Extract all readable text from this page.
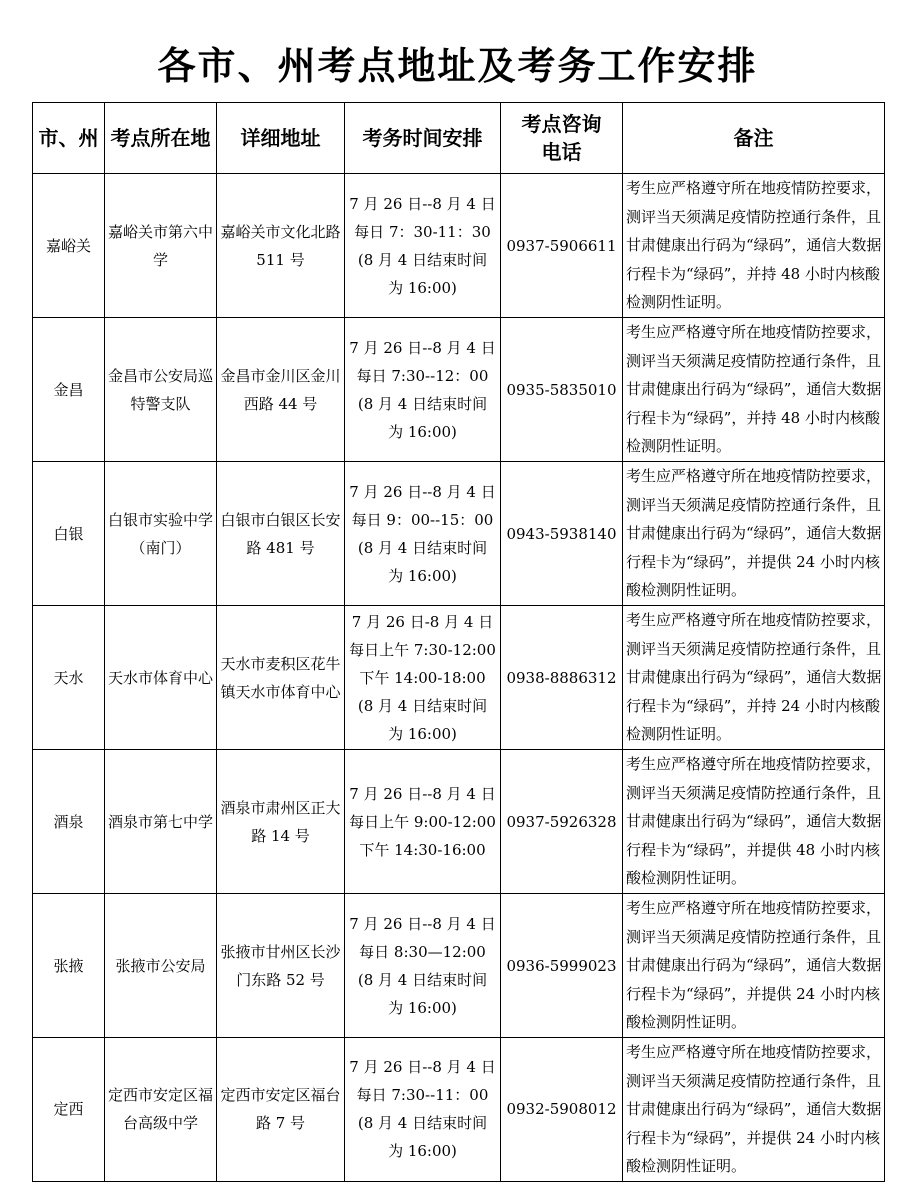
各市、州考点地址及考务工作安排
市、州	考点所在地	详细地址	考务时间安排	考点咨询电话	备注
嘉峪关	嘉峪关市第六中学	嘉峪关市文化北路 511 号	7 月 26 日--8 月 4 日
每日 7：30-11：30
(8 月 4 日结束时间
为 16:00)	0937-5906611	考生应严格遵守所在地疫情防控要求，测评当天须满足疫情防控通行条件，且甘肃健康出行码为“绿码”，通信大数据行程卡为“绿码”，并持 48 小时内核酸检测阴性证明。
金昌	金昌市公安局巡特警支队	金昌市金川区金川西路 44 号	7 月 26 日--8 月 4 日
每日 7:30--12：00
(8 月 4 日结束时间
为 16:00)	0935-5835010	考生应严格遵守所在地疫情防控要求，测评当天须满足疫情防控通行条件，且甘肃健康出行码为“绿码”，通信大数据行程卡为“绿码”，并持 48 小时内核酸检测阴性证明。
白银	白银市实验中学（南门）	白银市白银区长安路 481 号	7 月 26 日--8 月 4 日
每日 9：00--15：00
(8 月 4 日结束时间
为 16:00)	0943-5938140	考生应严格遵守所在地疫情防控要求，测评当天须满足疫情防控通行条件，且甘肃健康出行码为“绿码”，通信大数据行程卡为“绿码”，并提供 24 小时内核酸检测阴性证明。
天水	天水市体育中心	天水市麦积区花牛镇天水市体育中心	7 月 26 日-8 月 4 日
每日上午 7:30-12:00
下午 14:00-18:00
(8 月 4 日结束时间
为 16:00)	0938-8886312	考生应严格遵守所在地疫情防控要求，测评当天须满足疫情防控通行条件，且甘肃健康出行码为“绿码”，通信大数据行程卡为“绿码”，并持 24 小时内核酸检测阴性证明。
酒泉	酒泉市第七中学	酒泉市肃州区正大路 14 号	7 月 26 日--8 月 4 日
每日上午 9:00-12:00
下午 14:30-16:00	0937-5926328	考生应严格遵守所在地疫情防控要求，测评当天须满足疫情防控通行条件，且甘肃健康出行码为“绿码”，通信大数据行程卡为“绿码”，并提供 48 小时内核酸检测阴性证明。
张掖	张掖市公安局	张掖市甘州区长沙门东路 52 号	7 月 26 日--8 月 4 日
每日 8:30—12:00
(8 月 4 日结束时间
为 16:00)	0936-5999023	考生应严格遵守所在地疫情防控要求，测评当天须满足疫情防控通行条件，且甘肃健康出行码为“绿码”，通信大数据行程卡为“绿码”，并提供 24 小时内核酸检测阴性证明。
定西	定西市安定区福台高级中学	定西市安定区福台路 7 号	7 月 26 日--8 月 4 日
每日 7:30--11：00
(8 月 4 日结束时间
为 16:00)	0932-5908012	考生应严格遵守所在地疫情防控要求，测评当天须满足疫情防控通行条件，且甘肃健康出行码为“绿码”，通信大数据行程卡为“绿码”，并提供 24 小时内核酸检测阴性证明。
